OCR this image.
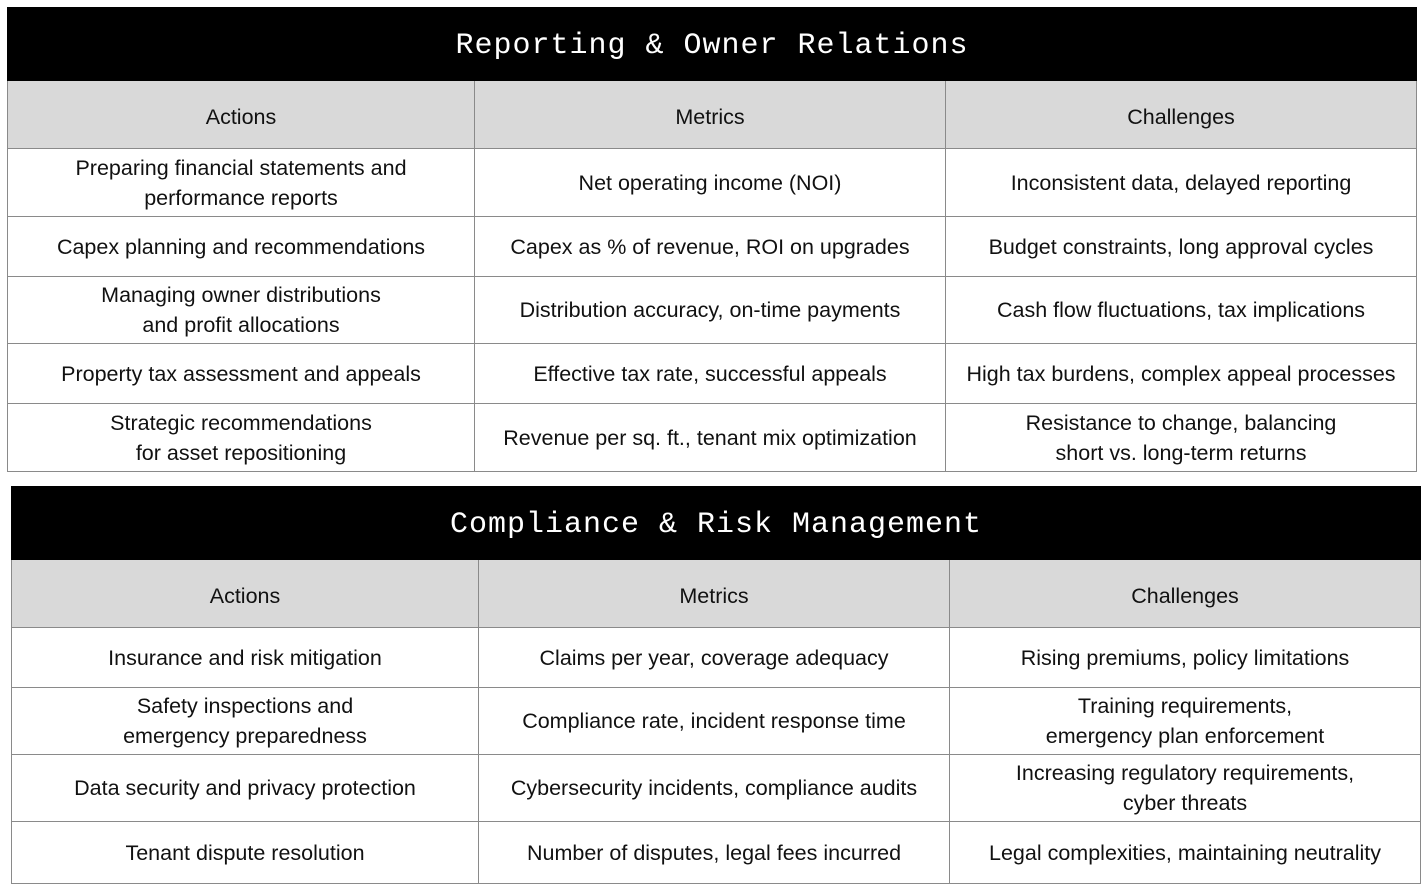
Reporting & Owner Relations		
Actions	Metrics	Challenges

Preparing financial statements and
performance reports	Net operating income (NOI)	Inconsistent data, delayed reporting

Capex planning and recommendations	Capex as % of revenue, ROI on upgrades	Budget constraints, long approval cycles

Managing owner distributions
and profit allocations	Distribution accuracy, on-time payments	Cash flow fluctuations, tax implications

Property tax assessment and appeals	Effective tax rate, successful appeals	High tax burdens, complex appeal processes

Strategic recommendations
for asset repositioning	Revenue per sq. ft., tenant mix optimization	Resistance to change, balancing
short vs. long-term returns
Compliance & Risk Management		
Actions	Metrics	Challenges

Insurance and risk mitigation	Claims per year, coverage adequacy	Rising premiums, policy limitations

Safety inspections and
emergency preparedness	Compliance rate, incident response time	Training requirements,
emergency plan enforcement

Data security and privacy protection	Cybersecurity incidents, compliance audits	Increasing regulatory requirements,
cyber threats

Tenant dispute resolution	Number of disputes, legal fees incurred	Legal complexities, maintaining neutrality
